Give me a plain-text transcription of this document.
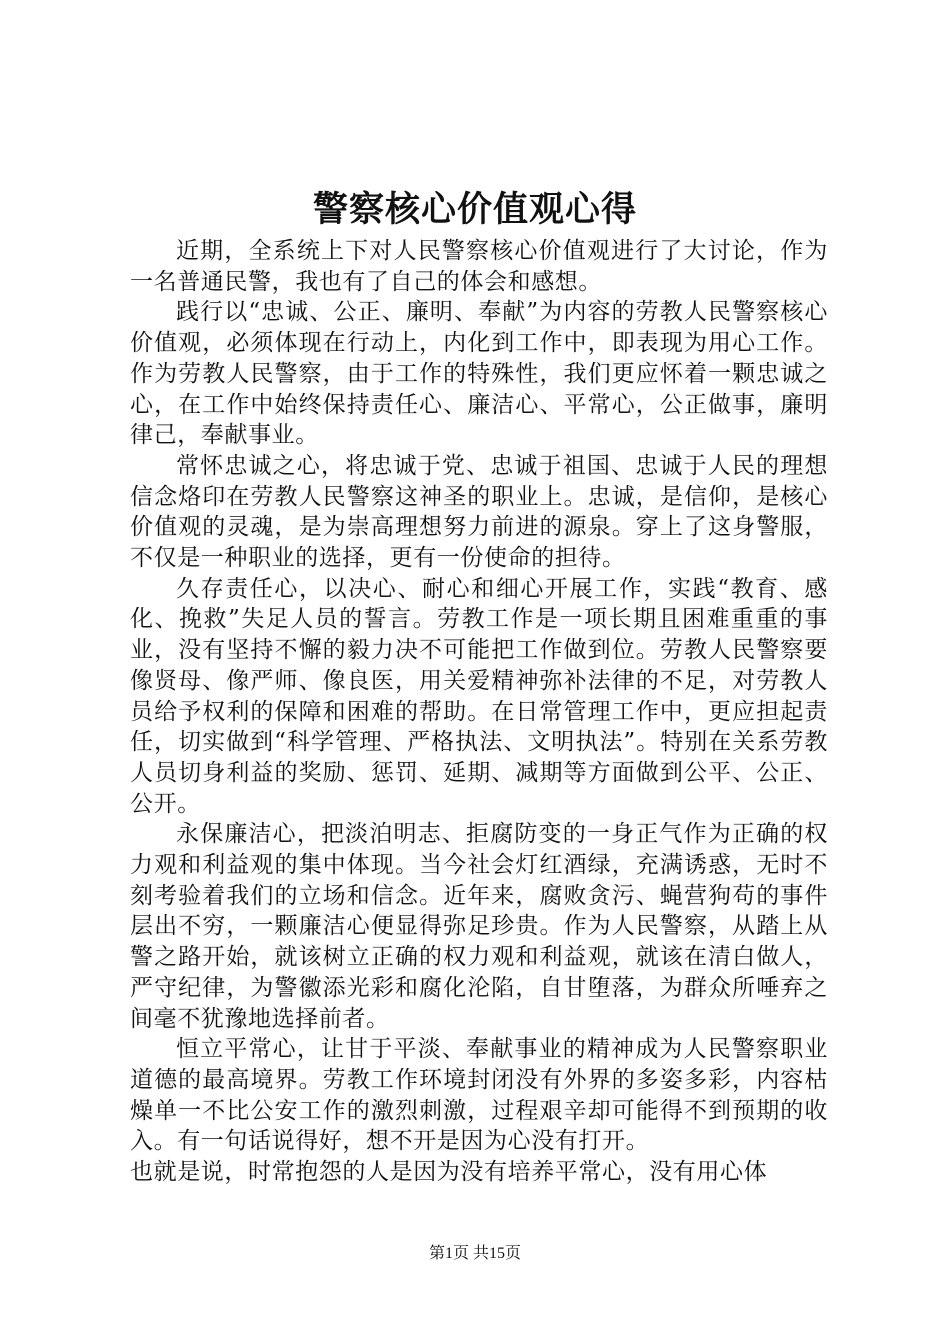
警察核心价值观心得

近期，全系统上下对人民警察核心价值观进行了大讨论，作为一名普通民警，我也有了自己的体会和感想。

践行以“忠诚、公正、廉明、奉献”为内容的劳教人民警察核心价值观，必须体现在行动上，内化到工作中，即表现为用心工作。作为劳教人民警察，由于工作的特殊性，我们更应怀着一颗忠诚之心，在工作中始终保持责任心、廉洁心、平常心，公正做事，廉明律己，奉献事业。

常怀忠诚之心，将忠诚于党、忠诚于祖国、忠诚于人民的理想信念烙印在劳教人民警察这神圣的职业上。忠诚，是信仰，是核心价值观的灵魂，是为崇高理想努力前进的源泉。穿上了这身警服，不仅是一种职业的选择，更有一份使命的担待。

久存责任心，以决心、耐心和细心开展工作，实践“教育、感化、挽救”失足人员的誓言。劳教工作是一项长期且困难重重的事业，没有坚持不懈的毅力决不可能把工作做到位。劳教人民警察要像贤母、像严师、像良医，用关爱精神弥补法律的不足，对劳教人员给予权利的保障和困难的帮助。在日常管理工作中，更应担起责任，切实做到“科学管理、严格执法、文明执法”。特别在关系劳教人员切身利益的奖励、惩罚、延期、减期等方面做到公平、公正、公开。

永保廉洁心，把淡泊明志、拒腐防变的一身正气作为正确的权力观和利益观的集中体现。当今社会灯红酒绿，充满诱惑，无时不刻考验着我们的立场和信念。近年来，腐败贪污、蝇营狗苟的事件层出不穷，一颗廉洁心便显得弥足珍贵。作为人民警察，从踏上从警之路开始，就该树立正确的权力观和利益观，就该在清白做人，严守纪律，为警徽添光彩和腐化沦陷，自甘堕落，为群众所唾弃之间毫不犹豫地选择前者。

恒立平常心，让甘于平淡、奉献事业的精神成为人民警察职业道德的最高境界。劳教工作环境封闭没有外界的多姿多彩，内容枯燥单一不比公安工作的激烈刺激，过程艰辛却可能得不到预期的收入。有一句话说得好，想不开是因为心没有打开。

也就是说，时常抱怨的人是因为没有培养平常心，没有用心体

第1页 共15页
